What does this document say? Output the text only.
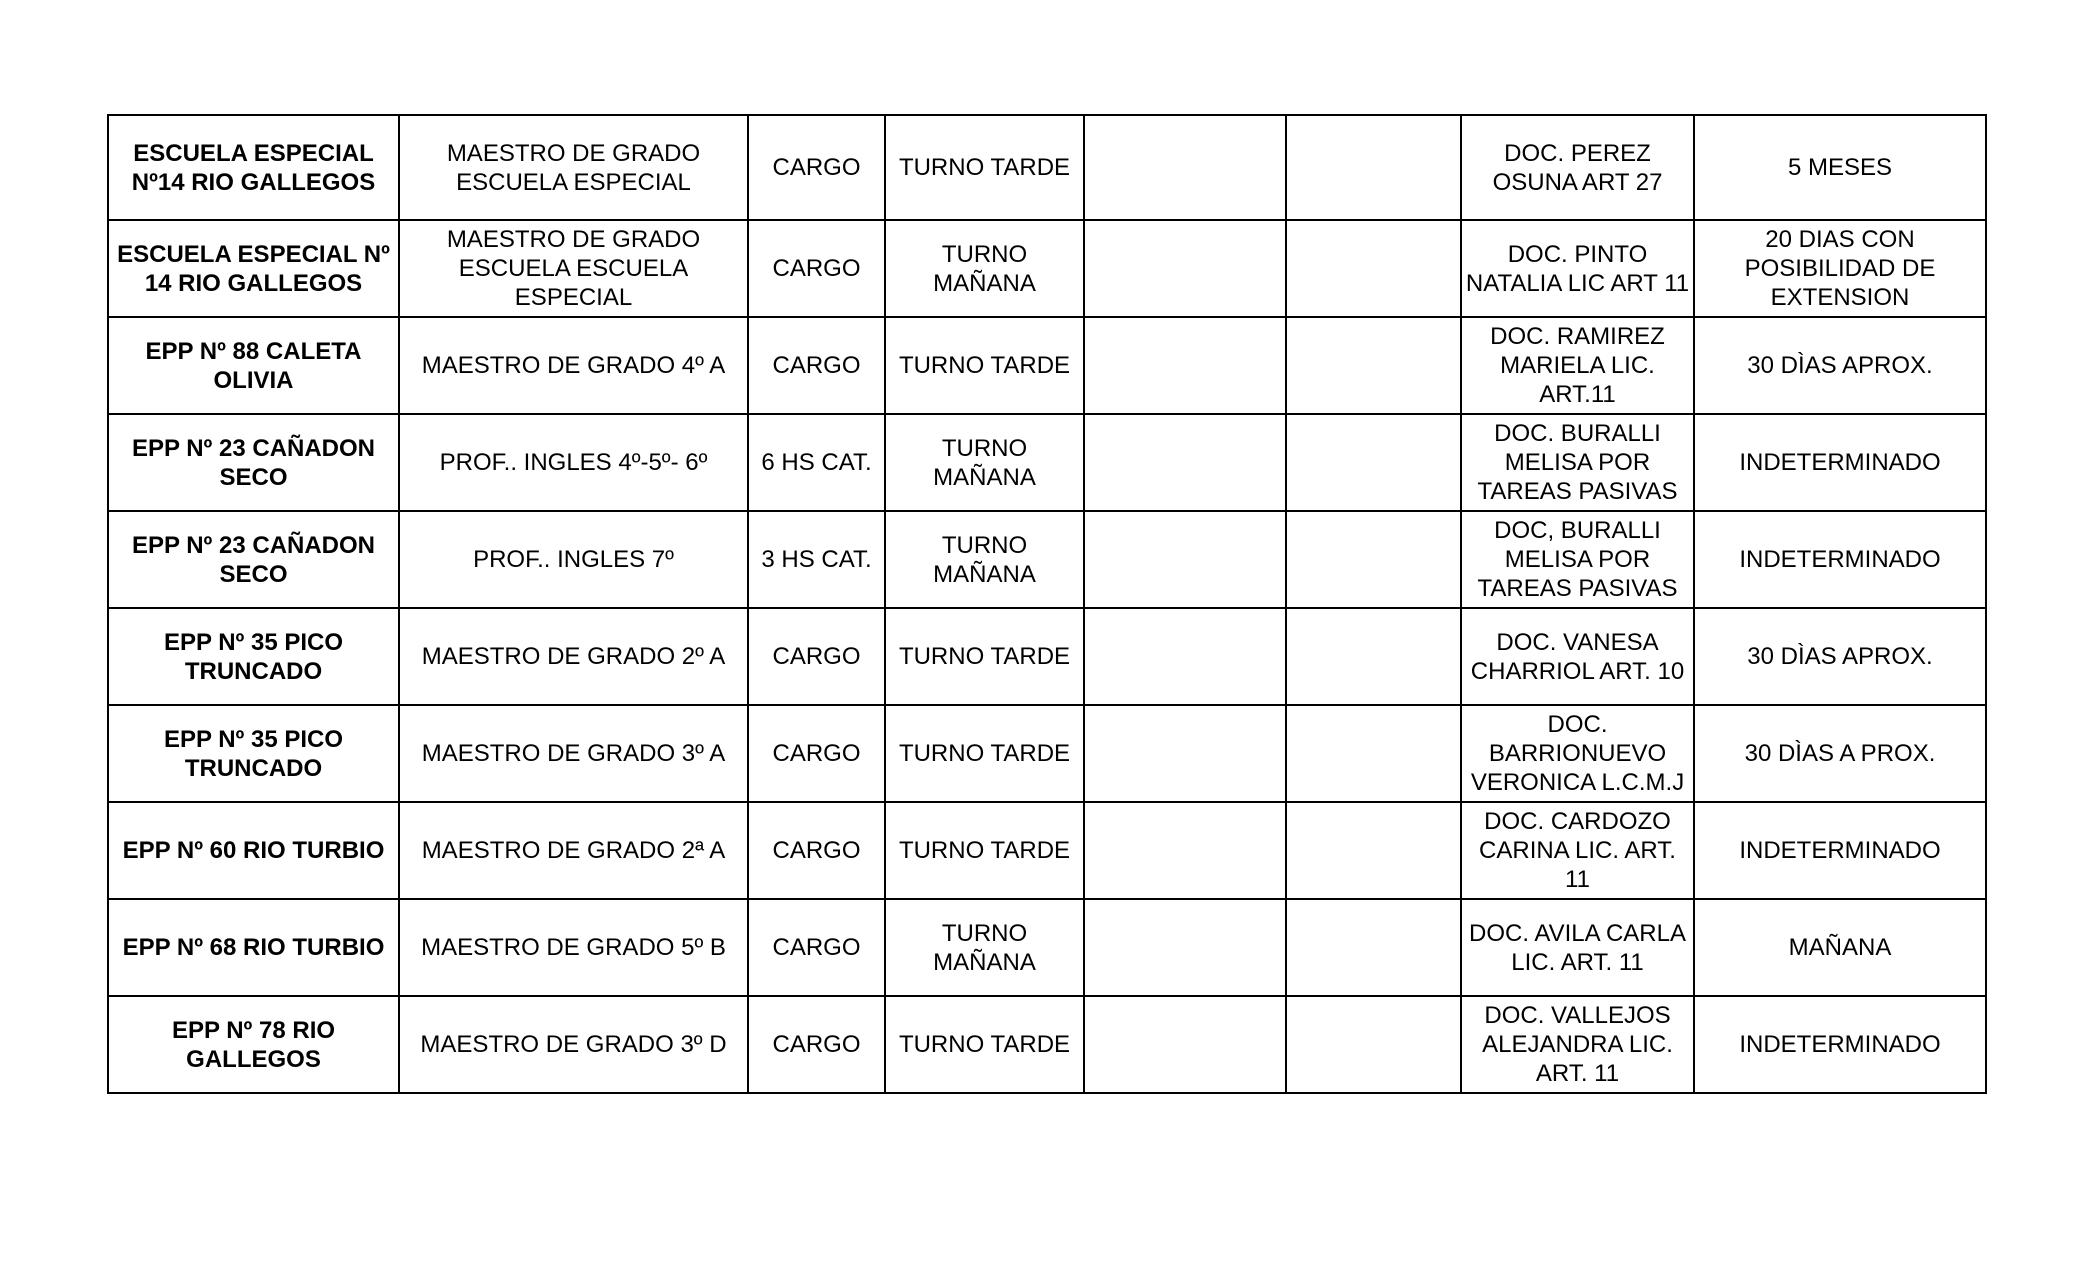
ESCUELA ESPECIAL Nº14 RIO GALLEGOS	MAESTRO DE GRADO ESCUELA ESPECIAL	CARGO	TURNO TARDE			DOC. PEREZ OSUNA ART 27	5 MESES
ESCUELA ESPECIAL Nº 14 RIO GALLEGOS	MAESTRO DE GRADO ESCUELA ESCUELA ESPECIAL	CARGO	TURNO MAÑANA			DOC. PINTO NATALIA LIC ART 11	20 DIAS CON POSIBILIDAD DE EXTENSION
EPP Nº 88 CALETA OLIVIA	MAESTRO DE GRADO 4º A	CARGO	TURNO TARDE			DOC. RAMIREZ MARIELA LIC. ART.11	30 DÌAS APROX.
EPP Nº 23 CAÑADON SECO	PROF.. INGLES 4º-5º- 6º	6 HS CAT.	TURNO MAÑANA			DOC. BURALLI MELISA POR TAREAS PASIVAS	INDETERMINADO
EPP Nº 23 CAÑADON SECO	PROF.. INGLES 7º	3 HS CAT.	TURNO MAÑANA			DOC, BURALLI MELISA POR TAREAS PASIVAS	INDETERMINADO
EPP Nº 35 PICO TRUNCADO	MAESTRO DE GRADO 2º A	CARGO	TURNO TARDE			DOC. VANESA CHARRIOL ART. 10	30 DÌAS APROX.
EPP Nº 35 PICO TRUNCADO	MAESTRO DE GRADO 3º A	CARGO	TURNO TARDE			DOC. BARRIONUEVO VERONICA L.C.M.J	30 DÌAS A PROX.
EPP Nº 60 RIO TURBIO	MAESTRO DE GRADO 2ª A	CARGO	TURNO TARDE			DOC. CARDOZO CARINA LIC. ART. 11	INDETERMINADO
EPP Nº 68 RIO TURBIO	MAESTRO DE GRADO 5º B	CARGO	TURNO MAÑANA			DOC. AVILA CARLA LIC. ART. 11	MAÑANA
EPP Nº 78 RIO GALLEGOS	MAESTRO DE GRADO 3º D	CARGO	TURNO TARDE			DOC. VALLEJOS ALEJANDRA LIC. ART. 11	INDETERMINADO
